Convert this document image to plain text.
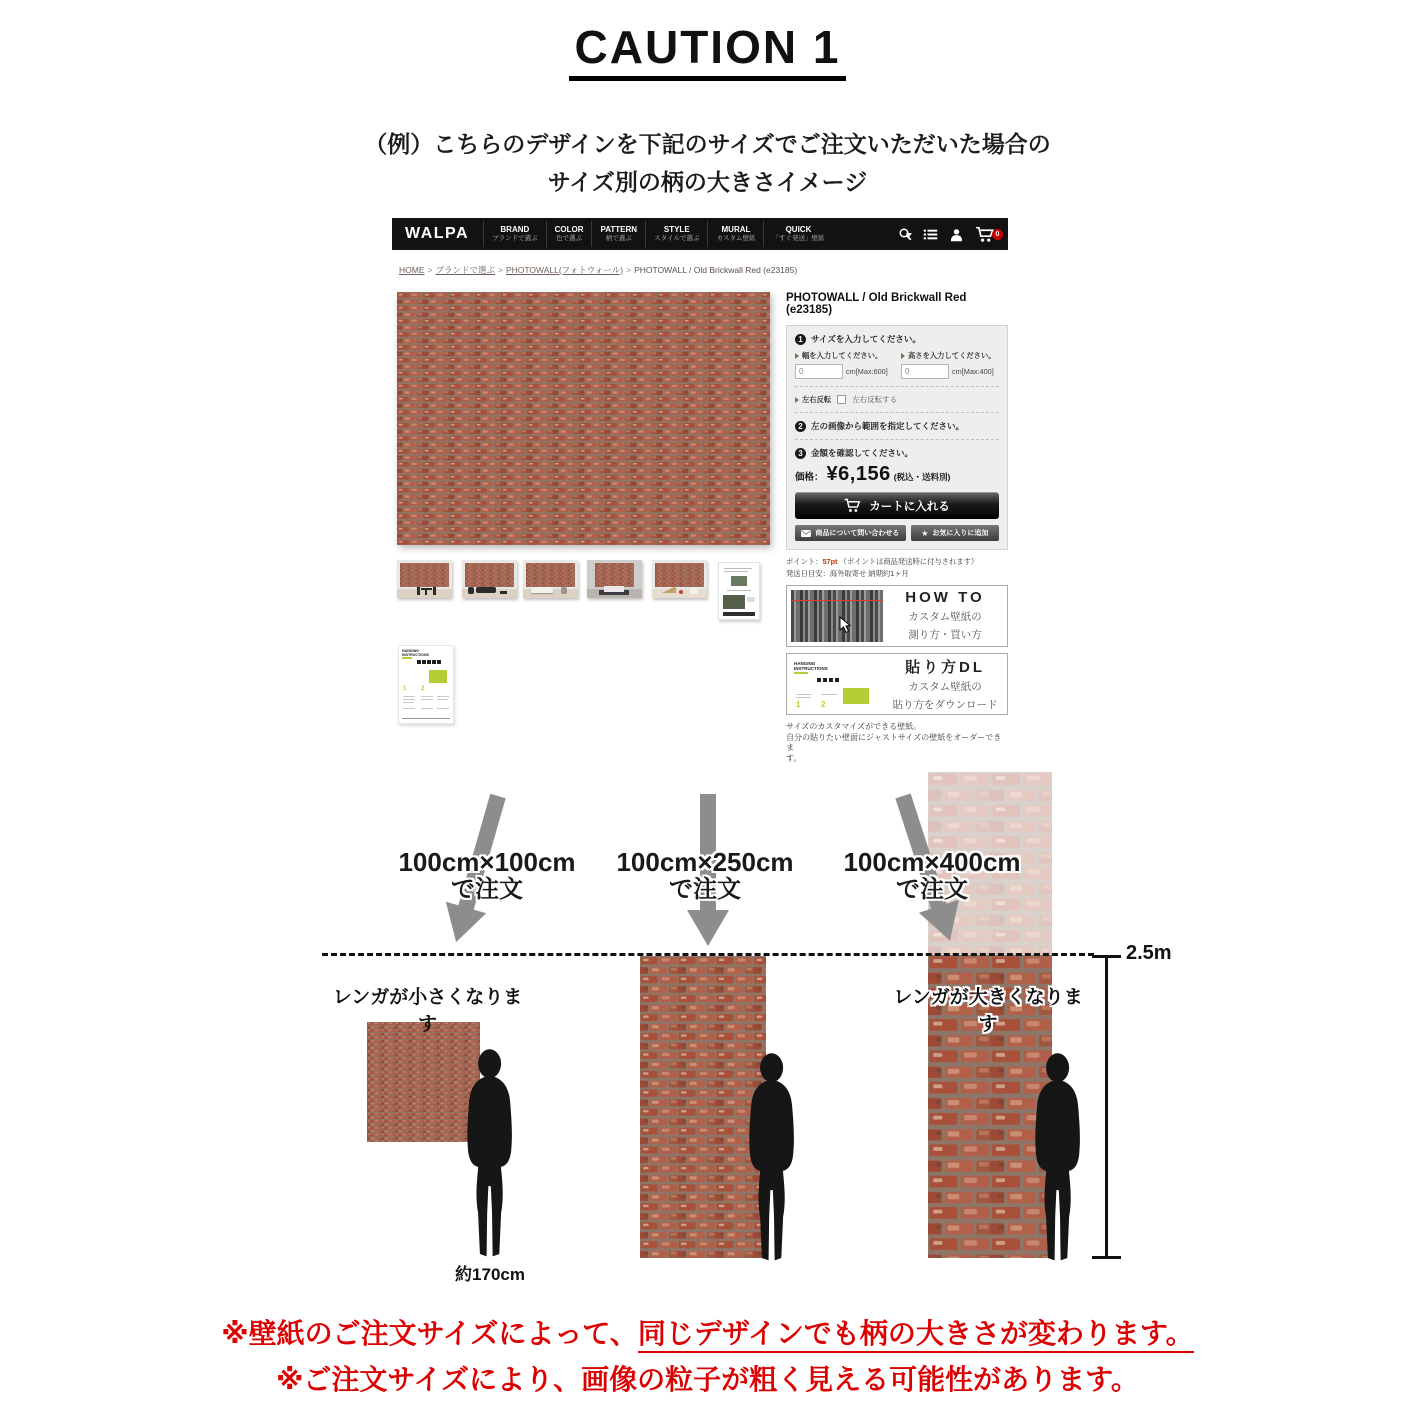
CAUTION 1
（例）こちらのデザインを下記のサイズでご注文いただいた場合の
サイズ別の柄の大きさイメージ
WALPA	BRAND
ブランドで選ぶ
COLOR
色で選ぶ
PATTERN
柄で選ぶ
STYLE
スタイルで選ぶ
MURAL
カスタム壁紙
QUICK
「すぐ発送」壁紙
0
HOME > ブランドで選ぶ > PHOTOWALL(フォトウォール) > PHOTOWALL / Old Brickwall Red (e23185)
HANGING
INSTRUCTIONS
1 2
PHOTOWALL / Old Brickwall Red (e23185)
1 サイズを入力してください。
幅を入力してください。
0
cm[Max:600]
高さを入力してください。
0
cm[Max:400]
左右反転	左右反転する
2 左の画像から範囲を指定してください。
3 金額を確認してください。
価格： ¥6,156 (税込・送料別)
カートに入れる
商品について問い合わせる	★ お気に入りに追加
ポイント：57pt （ポイントは商品発送時に付与されます）
発送日目安：海外取寄せ 納期約1ヶ月
HOW TO
カスタム壁紙の
測り方・買い方

貼り方DL
カスタム壁紙の
貼り方をダウンロード
サイズのカスタマイズができる壁紙。
自分の貼りたい壁面にジャストサイズの壁紙をオーダーできま
す。
100cm×100cm
で注文
100cm×250cm
で注文
100cm×400cm
で注文
レンガが小さくなります
レンガが大きくなります
約170cm
2.5m
※壁紙のご注文サイズによって、同じデザインでも柄の大きさが変わります。
※ご注文サイズにより、画像の粒子が粗く見える可能性があります。
